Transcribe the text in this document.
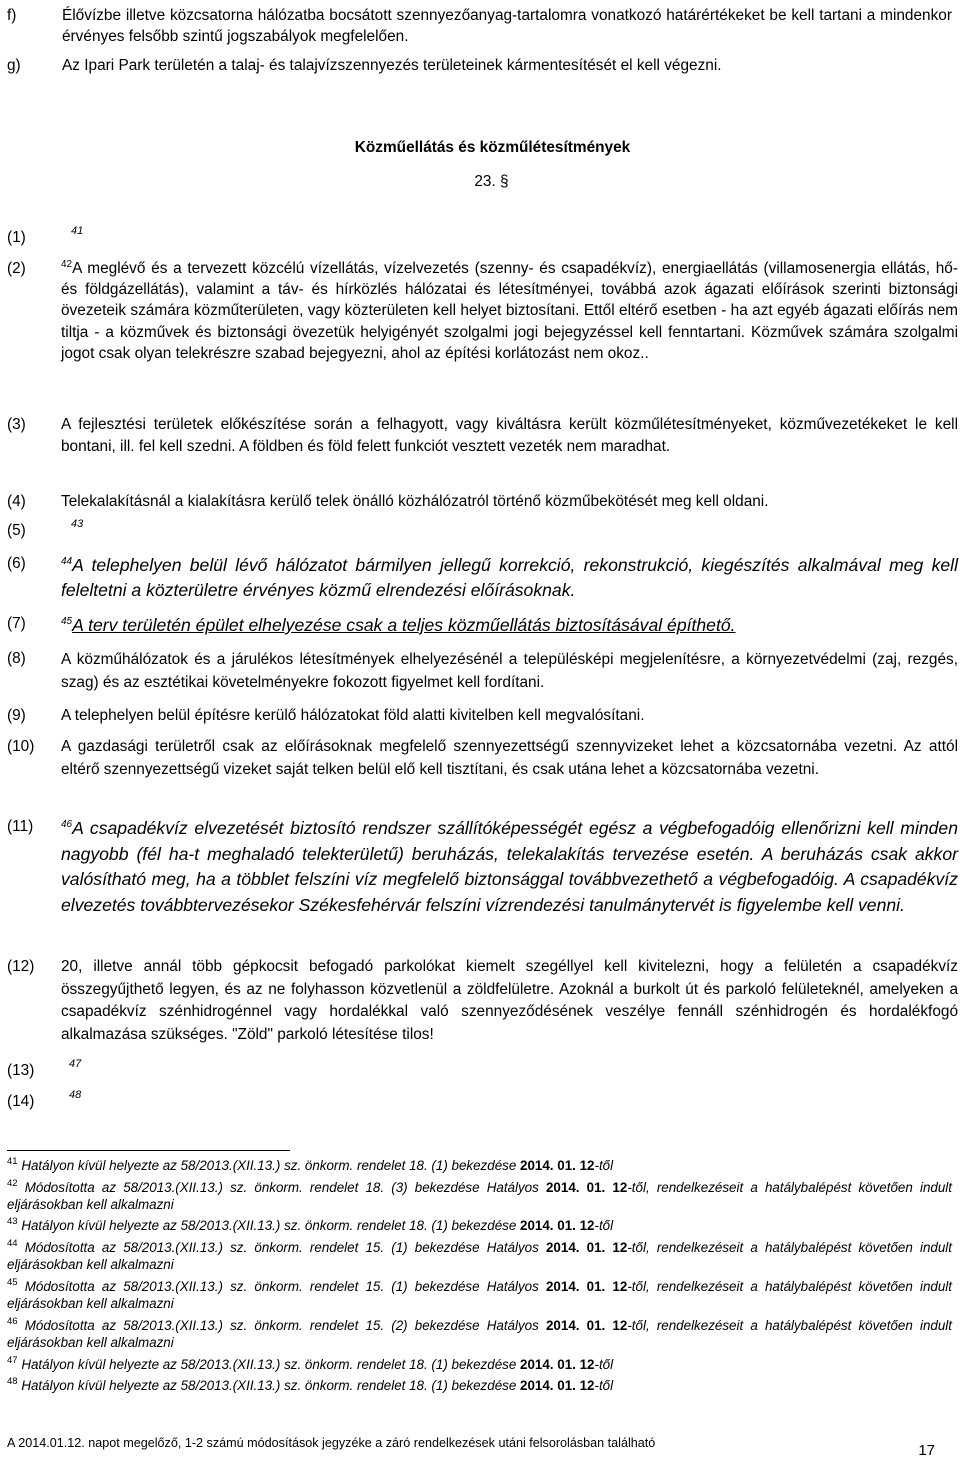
f)	Élővízbe illetve közcsatorna hálózatba bocsátott szennyezőanyag-tartalomra vonatkozó határértékeket be kell tartani a mindenkor érvényes felsőbb szintű jogszabályok megfelelően.
g)	Az Ipari Park területén a talaj- és talajvízszennyezés területeinek kármentesítését el kell végezni.
Közműellátás és közműlétesítmények
23. §
(1)	$^{41}$
(2)	$^{42}$A meglévő és a tervezett közcélú vízellátás, vízelvezetés (szenny- és csapadékvíz), energiaellátás (villamosenergia ellátás, hő- és földgázellátás), valamint a táv- és hírközlés hálózatai és létesítményei, továbbá azok ágazati előírások szerinti biztonsági övezeteik számára közműterületen, vagy közterületen kell helyet biztosítani. Ettől eltérő esetben - ha azt egyéb ágazati előírás nem tiltja - a közművek és biztonsági övezetük helyigényét szolgalmi jogi bejegyzéssel kell fenntartani. Közművek számára szolgalmi jogot csak olyan telekrészre szabad bejegyezni, ahol az építési korlátozást nem okoz..
(3)	A fejlesztési területek előkészítése során a felhagyott, vagy kiváltásra került közműlétesítményeket, közművezetékeket le kell bontani, ill. fel kell szedni. A földben és föld felett funkciót vesztett vezeték nem maradhat.
(4)	Telekalakításnál a kialakításra kerülő telek önálló közhálózatról történő közműbekötését meg kell oldani.
(5)	$^{43}$
(6)	$^{44}$A telephelyen belül lévő hálózatot bármilyen jellegű korrekció, rekonstrukció, kiegészítés alkalmával meg kell feleltetni a közterületre érvényes közmű elrendezési előírásoknak.
(7)	$^{45}$A terv területén épület elhelyezése csak a teljes közműellátás biztosításával építhető.
(8)	A közműhálózatok és a járulékos létesítmények elhelyezésénél a településképi megjelenítésre, a környezetvédelmi (zaj, rezgés, szag) és az esztétikai követelményekre fokozott figyelmet kell fordítani.
(9)	A telephelyen belül építésre kerülő hálózatokat föld alatti kivitelben kell megvalósítani.
(10)	A gazdasági területről csak az előírásoknak megfelelő szennyezettségű szennyvizeket lehet a közcsatornába vezetni. Az attól eltérő szennyezettségű vizeket saját telken belül elő kell tisztítani, és csak utána lehet a közcsatornába vezetni.
(11)	$^{46}$A csapadékvíz elvezetését biztosító rendszer szállítóképességét egész a végbefogadóig ellenőrizni kell minden nagyobb (fél ha-t meghaladó telekterületű) beruházás, telekalakítás tervezése esetén. A beruházás csak akkor valósítható meg, ha a többlet felszíni víz megfelelő biztonsággal továbbvezethető a végbefogadóig. A csapadékvíz elvezetés továbbtervezésekor Székesfehérvár felszíni vízrendezési tanulmánytervét is figyelembe kell venni.
(12)	20, illetve annál több gépkocsit befogadó parkolókat kiemelt szegéllyel kell kivitelezni, hogy a felületén a csapadékvíz összegyűjthető legyen, és az ne folyhasson közvetlenül a zöldfelületre. Azoknál a burkolt út és parkoló felületeknél, amelyeken a csapadékvíz szénhidrogénnel vagy hordalékkal való szennyeződésének veszélye fennáll szénhidrogén és hordalékfogó alkalmazása szükséges. "Zöld" parkoló létesítése tilos!
(13)	$^{47}$
(14)	$^{48}$
$^{41}$ Hatályon kívül helyezte az 58/2013.(XII.13.) sz. önkorm. rendelet 18. (1) bekezdése 2014. 01. 12-től
$^{42}$ Módosította az 58/2013.(XII.13.) sz. önkorm. rendelet 18. (3) bekezdése Hatályos 2014. 01. 12-től, rendelkezéseit a hatálybalépést követően indult eljárásokban kell alkalmazni
$^{43}$ Hatályon kívül helyezte az 58/2013.(XII.13.) sz. önkorm. rendelet 18. (1) bekezdése 2014. 01. 12-től
$^{44}$ Módosította az 58/2013.(XII.13.) sz. önkorm. rendelet 15. (1) bekezdése Hatályos 2014. 01. 12-től, rendelkezéseit a hatálybalépést követően indult eljárásokban kell alkalmazni
$^{45}$ Módosította az 58/2013.(XII.13.) sz. önkorm. rendelet 15. (1) bekezdése Hatályos 2014. 01. 12-től, rendelkezéseit a hatálybalépést követően indult eljárásokban kell alkalmazni
$^{46}$ Módosította az 58/2013.(XII.13.) sz. önkorm. rendelet 15. (2) bekezdése Hatályos 2014. 01. 12-től, rendelkezéseit a hatálybalépést követően indult eljárásokban kell alkalmazni
$^{47}$ Hatályon kívül helyezte az 58/2013.(XII.13.) sz. önkorm. rendelet 18. (1) bekezdése 2014. 01. 12-től
$^{48}$ Hatályon kívül helyezte az 58/2013.(XII.13.) sz. önkorm. rendelet 18. (1) bekezdése 2014. 01. 12-től
A 2014.01.12. napot megelőző, 1-2 számú módosítások jegyzéke a záró rendelkezések utáni felsorolásban található	17
